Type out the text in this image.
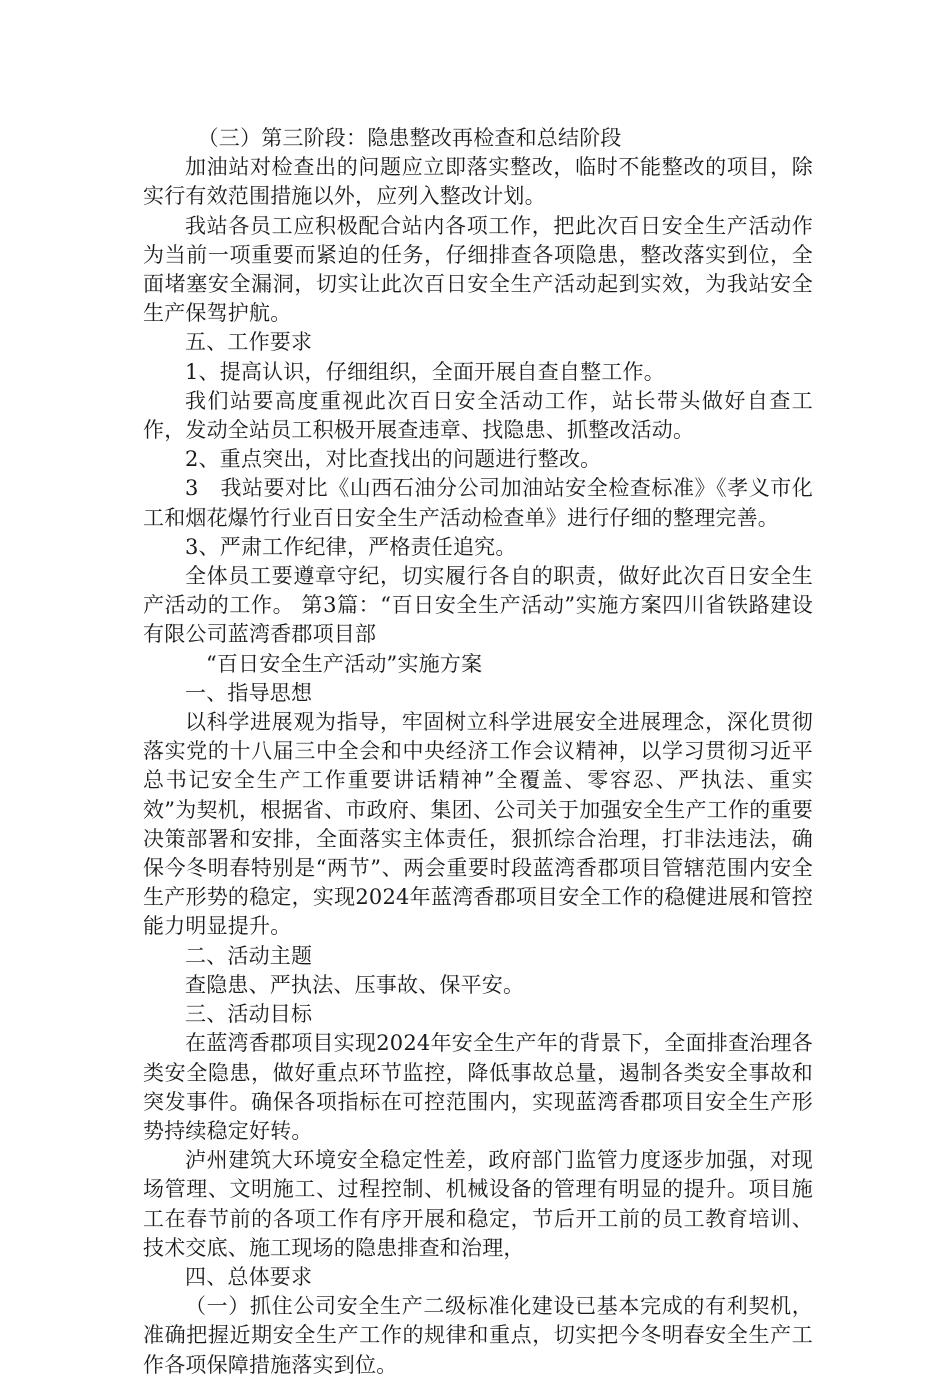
（三）第三阶段：隐患整改再检查和总结阶段

加油站对检查出的问题应立即落实整改，临时不能整改的项目，除实行有效范围措施以外，应列入整改计划。

我站各员工应积极配合站内各项工作，把此次百日安全生产活动作为当前一项重要而紧迫的任务，仔细排查各项隐患，整改落实到位，全面堵塞安全漏洞，切实让此次百日安全生产活动起到实效，为我站安全生产保驾护航。

五、工作要求

1、提高认识，仔细组织，全面开展自查自整工作。

我们站要高度重视此次百日安全活动工作，站长带头做好自查工作，发动全站员工积极开展查违章、找隐患、抓整改活动。

2、重点突出，对比查找出的问题进行整改。

3　我站要对比《山西石油分公司加油站安全检查标准》《孝义市化工和烟花爆竹行业百日安全生产活动检查单》进行仔细的整理完善。

3、严肃工作纪律，严格责任追究。

全体员工要遵章守纪，切实履行各自的职责，做好此次百日安全生产活动的工作。 第3篇：“百日安全生产活动”实施方案四川省铁路建设有限公司蓝湾香郡项目部

“百日安全生产活动”实施方案

一、指导思想

以科学进展观为指导，牢固树立科学进展安全进展理念，深化贯彻落实党的十八届三中全会和中央经济工作会议精神，以学习贯彻习近平总书记安全生产工作重要讲话精神”全覆盖、零容忍、严执法、重实效”为契机，根据省、市政府、集团、公司关于加强安全生产工作的重要决策部署和安排，全面落实主体责任，狠抓综合治理，打非法违法，确保今冬明春特别是“两节”、两会重要时段蓝湾香郡项目管辖范围内安全生产形势的稳定，实现2024年蓝湾香郡项目安全工作的稳健进展和管控能力明显提升。

二、活动主题

查隐患、严执法、压事故、保平安。

三、活动目标

在蓝湾香郡项目实现2024年安全生产年的背景下，全面排查治理各类安全隐患，做好重点环节监控，降低事故总量，遏制各类安全事故和突发事件。确保各项指标在可控范围内，实现蓝湾香郡项目安全生产形势持续稳定好转。

泸州建筑大环境安全稳定性差，政府部门监管力度逐步加强，对现场管理、文明施工、过程控制、机械设备的管理有明显的提升。项目施工在春节前的各项工作有序开展和稳定，节后开工前的员工教育培训、技术交底、施工现场的隐患排查和治理，

四、总体要求

（一）抓住公司安全生产二级标准化建设已基本完成的有利契机，准确把握近期安全生产工作的规律和重点，切实把今冬明春安全生产工作各项保障措施落实到位。
